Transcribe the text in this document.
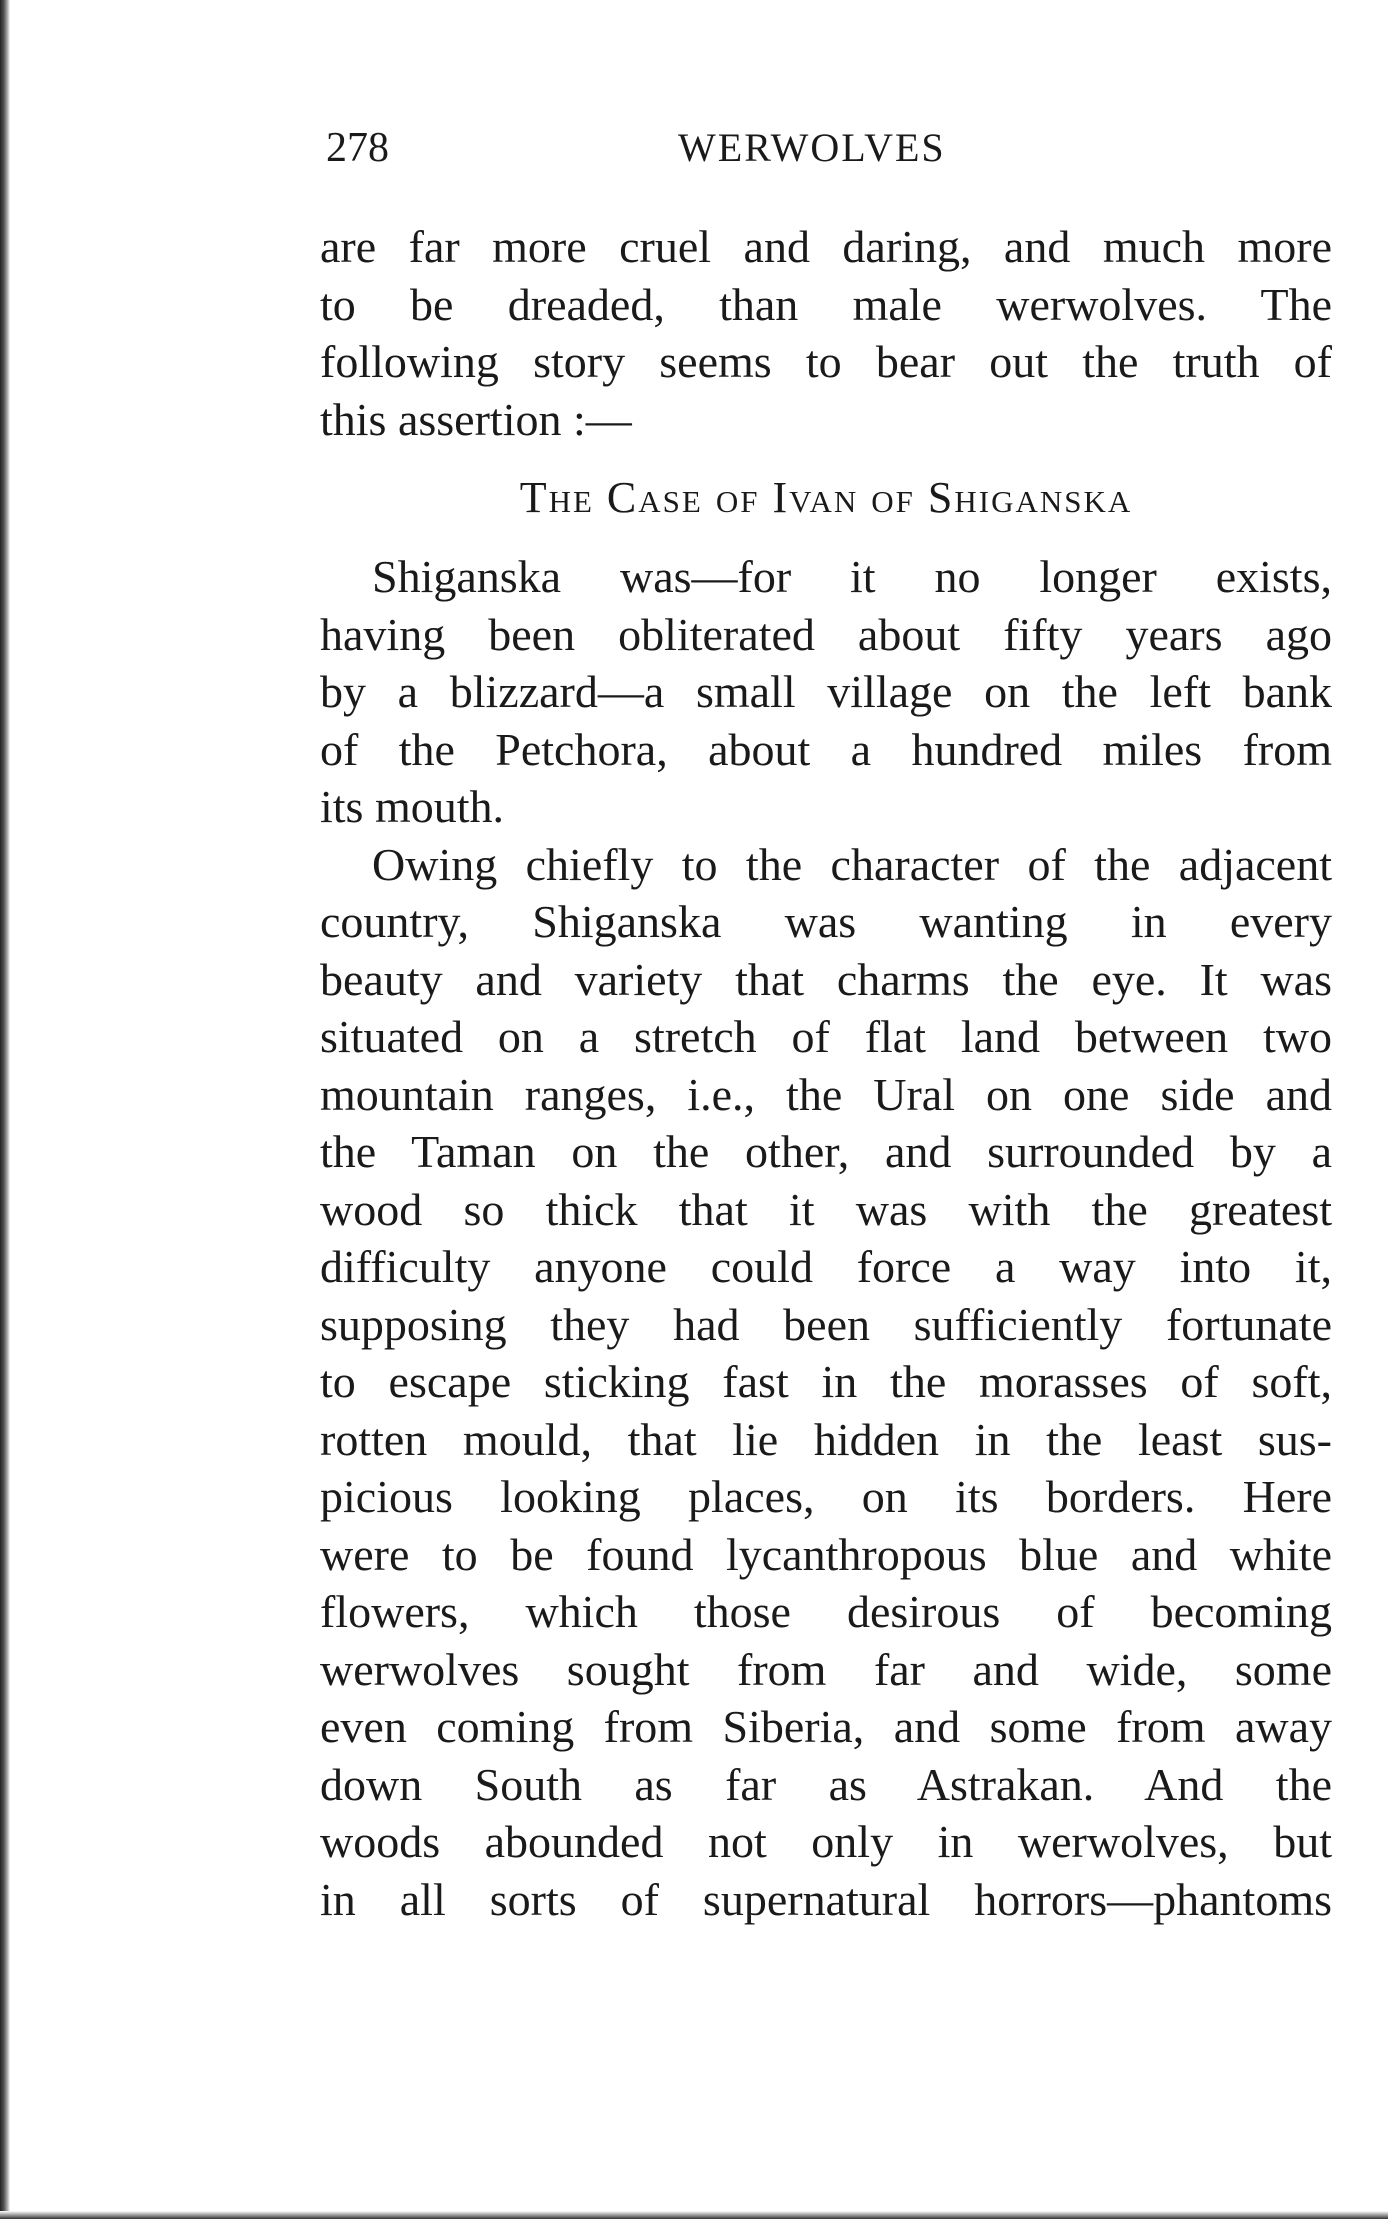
278	WERWOLVES
are far more cruel and daring, and much more
to be dreaded, than male werwolves. The
following story seems to bear out the truth of
this assertion :—
The Case of Ivan of Shiganska
Shiganska was—for it no longer exists,
having been obliterated about fifty years ago
by a blizzard—a small village on the left bank
of the Petchora, about a hundred miles from
its mouth.
Owing chiefly to the character of the adjacent
country, Shiganska was wanting in every
beauty and variety that charms the eye. It was
situated on a stretch of flat land between two
mountain ranges, i.e., the Ural on one side and
the Taman on the other, and surrounded by a
wood so thick that it was with the greatest
difficulty anyone could force a way into it,
supposing they had been sufficiently fortunate
to escape sticking fast in the morasses of soft,
rotten mould, that lie hidden in the least sus-
picious looking places, on its borders. Here
were to be found lycanthropous blue and white
flowers, which those desirous of becoming
werwolves sought from far and wide, some
even coming from Siberia, and some from away
down South as far as Astrakan. And the
woods abounded not only in werwolves, but
in all sorts of supernatural horrors—phantoms
